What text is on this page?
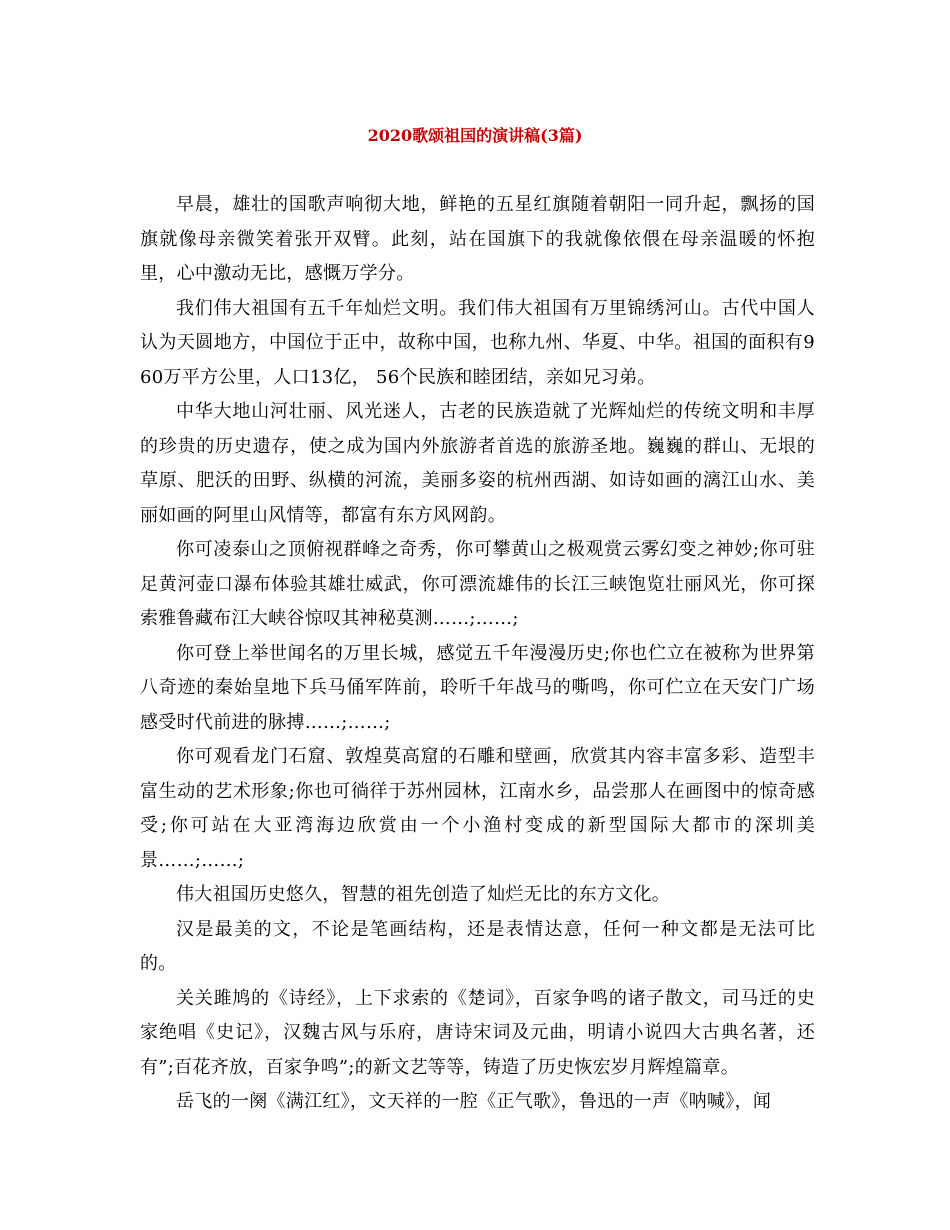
2020歌颂祖国的演讲稿(3篇)

早晨，雄壮的国歌声响彻大地，鲜艳的五星红旗随着朝阳一同升起，飘扬的国旗就像母亲微笑着张开双臂。此刻，站在国旗下的我就像依偎在母亲温暖的怀抱里，心中激动无比，感慨万学分。

我们伟大祖国有五千年灿烂文明。我们伟大祖国有万里锦绣河山。古代中国人认为天圆地方，中国位于正中，故称中国，也称九州、华夏、中华。祖国的面积有960万平方公里，人口13亿， 56个民族和睦团结，亲如兄习弟。

中华大地山河壮丽、风光迷人，古老的民族造就了光辉灿烂的传统文明和丰厚的珍贵的历史遗存，使之成为国内外旅游者首选的旅游圣地。巍巍的群山、无垠的草原、肥沃的田野、纵横的河流，美丽多姿的杭州西湖、如诗如画的漓江山水、美丽如画的阿里山风情等，都富有东方风网韵。

你可凌泰山之顶俯视群峰之奇秀，你可攀黄山之极观赏云雾幻变之神妙;你可驻足黄河壶口瀑布体验其雄壮威武，你可漂流雄伟的长江三峡饱览壮丽风光，你可探索雅鲁藏布江大峡谷惊叹其神秘莫测……;……;

你可登上举世闻名的万里长城，感觉五千年漫漫历史;你也伫立在被称为世界第八奇迹的秦始皇地下兵马俑军阵前，聆听千年战马的嘶鸣，你可伫立在天安门广场感受时代前进的脉搏……;……;

你可观看龙门石窟、敦煌莫高窟的石雕和壁画，欣赏其内容丰富多彩、造型丰富生动的艺术形象;你也可徜徉于苏州园林，江南水乡，品尝那人在画图中的惊奇感受;你可站在大亚湾海边欣赏由一个小渔村变成的新型国际大都市的深圳美景……;……;

伟大祖国历史悠久，智慧的祖先创造了灿烂无比的东方文化。

汉是最美的文，不论是笔画结构，还是表情达意，任何一种文都是无法可比的。

关关雎鸠的《诗经》，上下求索的《楚词》，百家争鸣的诸子散文，司马迁的史家绝唱《史记》，汉魏古风与乐府，唐诗宋词及元曲，明请小说四大古典名著，还有”;百花齐放，百家争鸣”;的新文艺等等，铸造了历史恢宏岁月辉煌篇章。

岳飞的一阕《满江红》，文天祥的一腔《正气歌》，鲁迅的一声《呐喊》，闻
